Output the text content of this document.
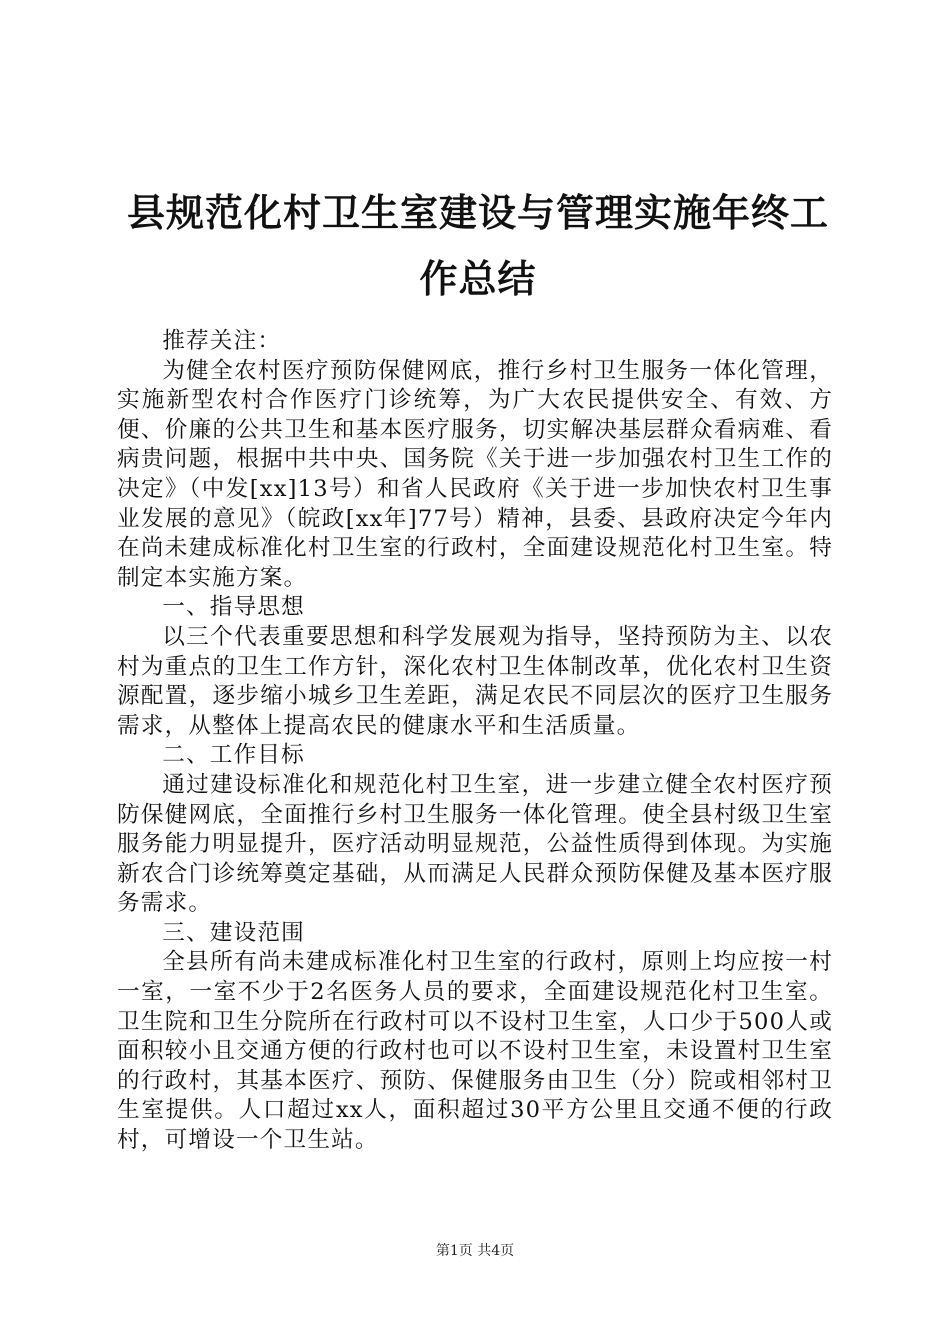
县规范化村卫生室建设与管理实施年终工作总结

推荐关注：

为健全农村医疗预防保健网底，推行乡村卫生服务一体化管理，实施新型农村合作医疗门诊统筹，为广大农民提供安全、有效、方便、价廉的公共卫生和基本医疗服务，切实解决基层群众看病难、看病贵问题，根据中共中央、国务院《关于进一步加强农村卫生工作的决定》（中发[xx]13号）和省人民政府《关于进一步加快农村卫生事业发展的意见》（皖政[xx年]77号）精神，县委、县政府决定今年内在尚未建成标准化村卫生室的行政村，全面建设规范化村卫生室。特制定本实施方案。

一、指导思想

以三个代表重要思想和科学发展观为指导，坚持预防为主、以农村为重点的卫生工作方针，深化农村卫生体制改革，优化农村卫生资源配置，逐步缩小城乡卫生差距，满足农民不同层次的医疗卫生服务需求，从整体上提高农民的健康水平和生活质量。

二、工作目标

通过建设标准化和规范化村卫生室，进一步建立健全农村医疗预防保健网底，全面推行乡村卫生服务一体化管理。使全县村级卫生室服务能力明显提升，医疗活动明显规范，公益性质得到体现。为实施新农合门诊统筹奠定基础，从而满足人民群众预防保健及基本医疗服务需求。

三、建设范围

全县所有尚未建成标准化村卫生室的行政村，原则上均应按一村一室，一室不少于2名医务人员的要求，全面建设规范化村卫生室。卫生院和卫生分院所在行政村可以不设村卫生室，人口少于500人或面积较小且交通方便的行政村也可以不设村卫生室，未设置村卫生室的行政村，其基本医疗、预防、保健服务由卫生（分）院或相邻村卫生室提供。人口超过xx人，面积超过30平方公里且交通不便的行政村，可增设一个卫生站。

第1页 共4页
